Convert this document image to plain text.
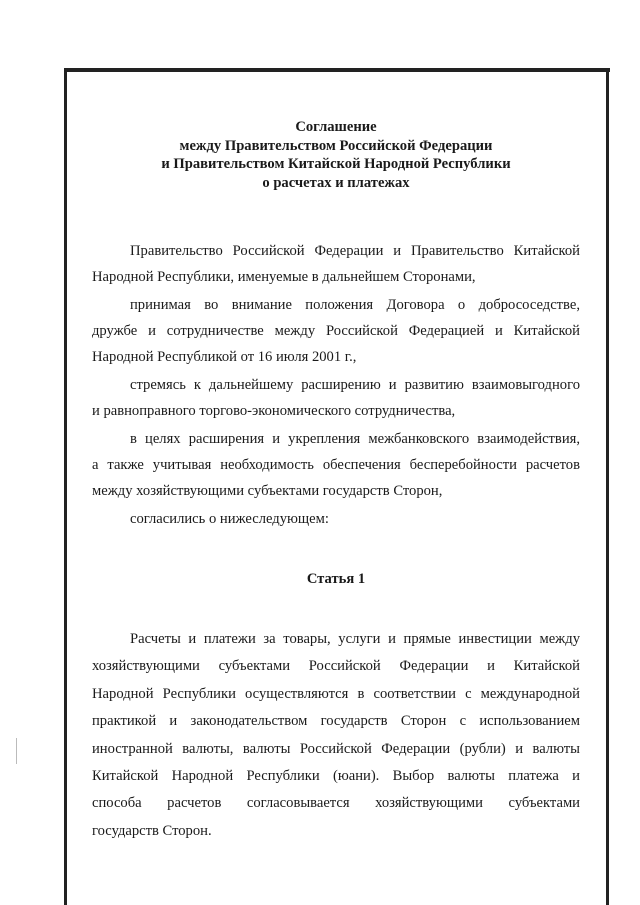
Соглашение
между Правительством Российской Федерации
и Правительством Китайской Народной Республики
о расчетах и платежах

Правительство Российской Федерации и Правительство Китайской
Народной Республики, именуемые в дальнейшем Сторонами,

принимая во внимание положения Договора о добрососедстве,
дружбе и сотрудничестве между Российской Федерацией и Китайской
Народной Республикой от 16 июля 2001 г.,

стремясь к дальнейшему расширению и развитию взаимовыгодного
и равноправного торгово-экономического сотрудничества,

в целях расширения и укрепления межбанковского взаимодействия,
а также учитывая необходимость обеспечения бесперебойности расчетов
между хозяйствующими субъектами государств Сторон,

согласились о нижеследующем:

Статья 1

Расчеты и платежи за товары, услуги и прямые инвестиции между
хозяйствующими субъектами Российской Федерации и Китайской
Народной Республики осуществляются в соответствии с международной
практикой и законодательством государств Сторон с использованием
иностранной валюты, валюты Российской Федерации (рубли) и валюты
Китайской Народной Республики (юани). Выбор валюты платежа и
способа расчетов согласовывается хозяйствующими субъектами
государств Сторон.
